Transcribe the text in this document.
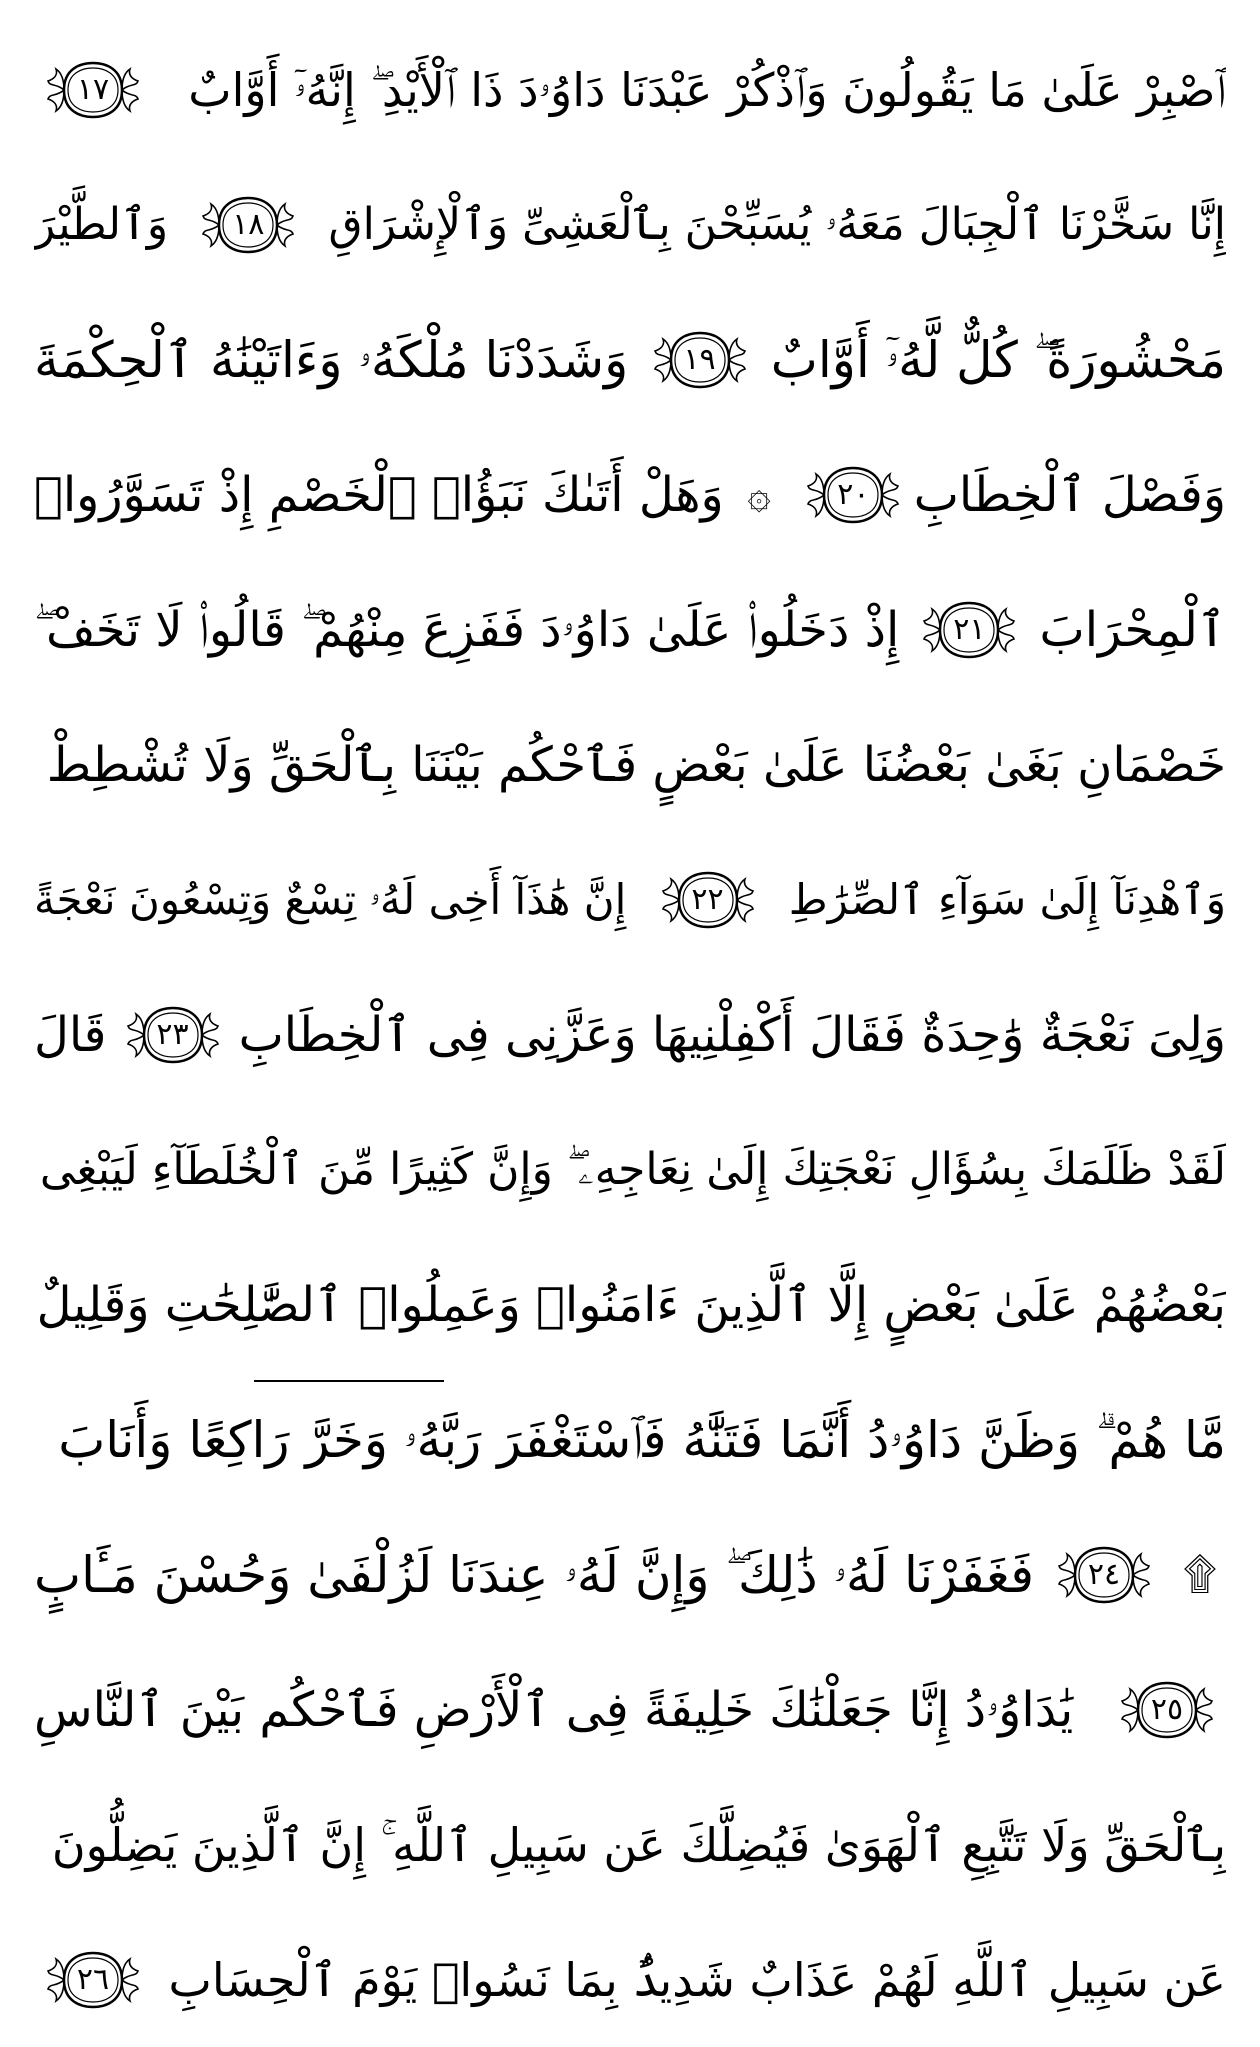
ٱصْبِرْ عَلَىٰ مَا يَقُولُونَ وَٱذْكُرْ عَبْدَنَا دَاوُۥدَ ذَا ٱلْأَيْدِ ۖ إِنَّهُۥٓ أَوَّابٌ
١٧
إِنَّا سَخَّرْنَا ٱلْجِبَالَ مَعَهُۥ يُسَبِّحْنَ بِٱلْعَشِىِّ وَٱلْإِشْرَاقِ
١٨
وَٱلطَّيْرَ
مَحْشُورَةً ۖ كُلٌّ لَّهُۥٓ أَوَّابٌ
١٩
وَشَدَدْنَا مُلْكَهُۥ وَءَاتَيْنَٰهُ ٱلْحِكْمَةَ
وَفَصْلَ ٱلْخِطَابِ
٢٠
۞
وَهَلْ أَتَىٰكَ نَبَؤُا۟ ٱلْخَصْمِ إِذْ تَسَوَّرُوا۟
ٱلْمِحْرَابَ
٢١
إِذْ دَخَلُوا۟ عَلَىٰ دَاوُۥدَ فَفَزِعَ مِنْهُمْ ۖ قَالُوا۟ لَا تَخَفْ ۖ
خَصْمَانِ بَغَىٰ بَعْضُنَا عَلَىٰ بَعْضٍ فَٱحْكُم بَيْنَنَا بِٱلْحَقِّ وَلَا تُشْطِطْ
وَٱهْدِنَآ إِلَىٰ سَوَآءِ ٱلصِّرَٰطِ
٢٢
إِنَّ هَٰذَآ أَخِى لَهُۥ تِسْعٌ وَتِسْعُونَ نَعْجَةً
وَلِىَ نَعْجَةٌ وَٰحِدَةٌ فَقَالَ أَكْفِلْنِيهَا وَعَزَّنِى فِى ٱلْخِطَابِ
٢٣
قَالَ
لَقَدْ ظَلَمَكَ بِسُؤَالِ نَعْجَتِكَ إِلَىٰ نِعَاجِهِۦ ۖ وَإِنَّ كَثِيرًا مِّنَ ٱلْخُلَطَآءِ لَيَبْغِى
بَعْضُهُمْ عَلَىٰ بَعْضٍ إِلَّا ٱلَّذِينَ ءَامَنُوا۟ وَعَمِلُوا۟ ٱلصَّٰلِحَٰتِ وَقَلِيلٌ
مَّا هُمْ ۗ وَظَنَّ دَاوُۥدُ أَنَّمَا فَتَنَّٰهُ فَٱسْتَغْفَرَ رَبَّهُۥ وَخَرَّ رَاكِعًا وَأَنَابَ
۩
٢٤
فَغَفَرْنَا لَهُۥ ذَٰلِكَ ۖ وَإِنَّ لَهُۥ عِندَنَا لَزُلْفَىٰ وَحُسْنَ مَـَٔابٍ
٢٥
يَٰدَاوُۥدُ إِنَّا جَعَلْنَٰكَ خَلِيفَةً فِى ٱلْأَرْضِ فَٱحْكُم بَيْنَ ٱلنَّاسِ
بِٱلْحَقِّ وَلَا تَتَّبِعِ ٱلْهَوَىٰ فَيُضِلَّكَ عَن سَبِيلِ ٱللَّهِ ۚ إِنَّ ٱلَّذِينَ يَضِلُّونَ
عَن سَبِيلِ ٱللَّهِ لَهُمْ عَذَابٌ شَدِيدٌۢ بِمَا نَسُوا۟ يَوْمَ ٱلْحِسَابِ
٢٦
